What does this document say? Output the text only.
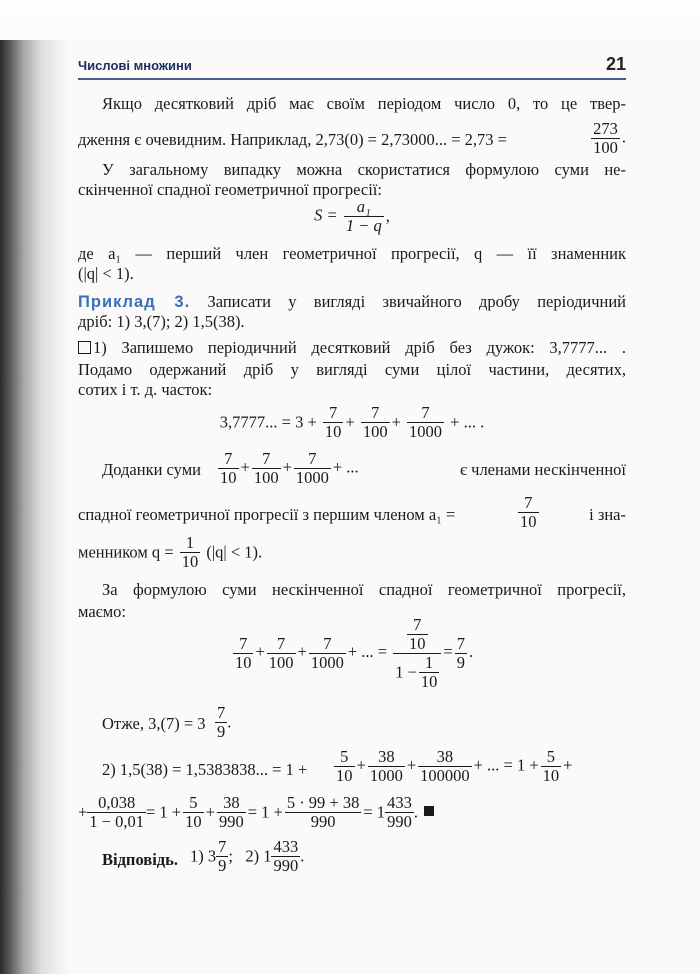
Числові множини	21
Якщо десятковий дріб має своїм періодом число 0, то це твер-
дження є очевидним. Наприклад, 2,73(0) = 2,73000... = 2,73 =	$\frac{273}{100}$ .
У загальному випадку можна скористатися формулою суми не-
скінченної спадної геометричної прогресії:
$S = \frac{\text{a₁}}{1 - q}$ ,
де a₁ — перший член геометричної прогресії, q — її знаменник
(|q| < 1).
Приклад 3. Записати у вигляді звичайного дробу періодичний
дріб: 1) 3,(7); 2) 1,5(38).
1) Запишемо періодичний десятковий дріб без дужок: 3,7777... .
Подамо одержаний дріб у вигляді суми цілої частини, десятих,
сотих і т. д. часток:
3,7777... = $3 + \frac{7}{10} + \frac{7}{100} + \frac{7}{1000}$ + ... .
Доданки суми $\frac{7}{10} + \frac{7}{100} + \frac{7}{1000}$ + ...	є членами нескінченної
спадної геометричної прогресії з першим членом a₁ =	$\frac{7}{10}$	і зна-
менником $q = \frac{1}{10} (|q| < 1)$.
За формулою суми нескінченної спадної геометричної прогресії,
маємо:
$\frac{7}{10} + \frac{7}{100} + \frac{7}{1000}$ + ... = $\frac{\frac{7}{10}}{1 - \frac{1}{10}} = \frac{7}{9}$ .
Отже, $3,(7) = 3 \frac{7}{9}$ .
2) 1,5(38) = 1,5383838... = $1 + \frac{5}{10} + \frac{38}{1000} + \frac{38}{100000}$ + ... = $1 + \frac{5}{10}$ +
+ $\frac{0,038}{1 - 0,01} = 1 + \frac{5}{10} + \frac{38}{990} = 1 + \frac{5 \cdot 99 + 38}{990} = 1 \frac{433}{990}$ .
Відповідь. 1) $3 \frac{7}{9}$ ; 2) $1 \frac{433}{990}$ .
